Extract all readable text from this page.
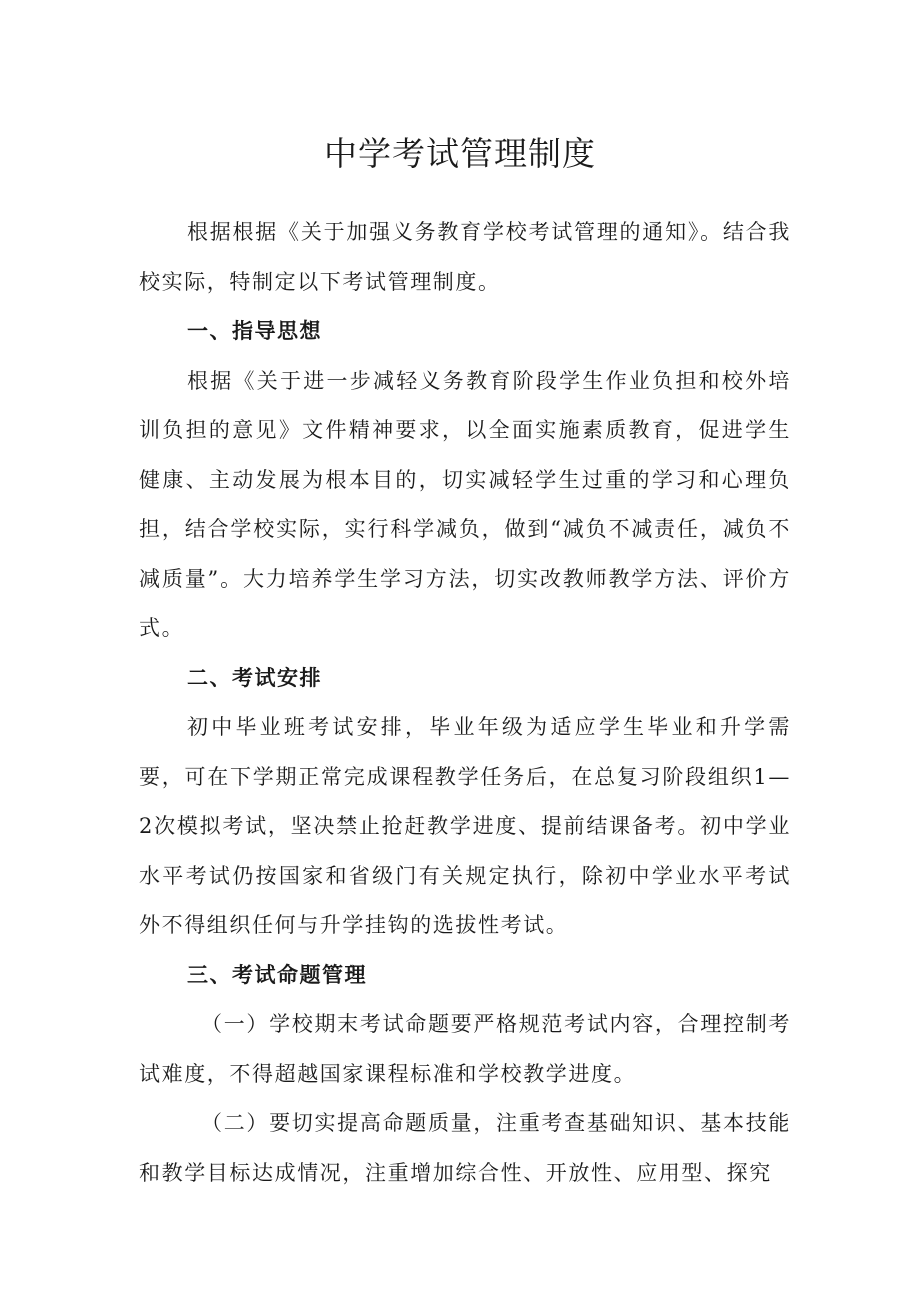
中学考试管理制度

根据根据《关于加强义务教育学校考试管理的通知》。结合我校实际，特制定以下考试管理制度。

一、指导思想

根据《关于进一步减轻义务教育阶段学生作业负担和校外培训负担的意见》文件精神要求，以全面实施素质教育，促进学生健康、主动发展为根本目的，切实减轻学生过重的学习和心理负担，结合学校实际，实行科学减负，做到“减负不减责任，减负不减质量”。大力培养学生学习方法，切实改教师教学方法、评价方式。

二、考试安排

初中毕业班考试安排，毕业年级为适应学生毕业和升学需要，可在下学期正常完成课程教学任务后，在总复习阶段组织1—2次模拟考试，坚决禁止抢赶教学进度、提前结课备考。初中学业水平考试仍按国家和省级门有关规定执行，除初中学业水平考试外不得组织任何与升学挂钩的选拔性考试。

三、考试命题管理

（一）学校期末考试命题要严格规范考试内容，合理控制考试难度，不得超越国家课程标准和学校教学进度。

（二）要切实提高命题质量，注重考查基础知识、基本技能和教学目标达成情况，注重增加综合性、开放性、应用型、探究
